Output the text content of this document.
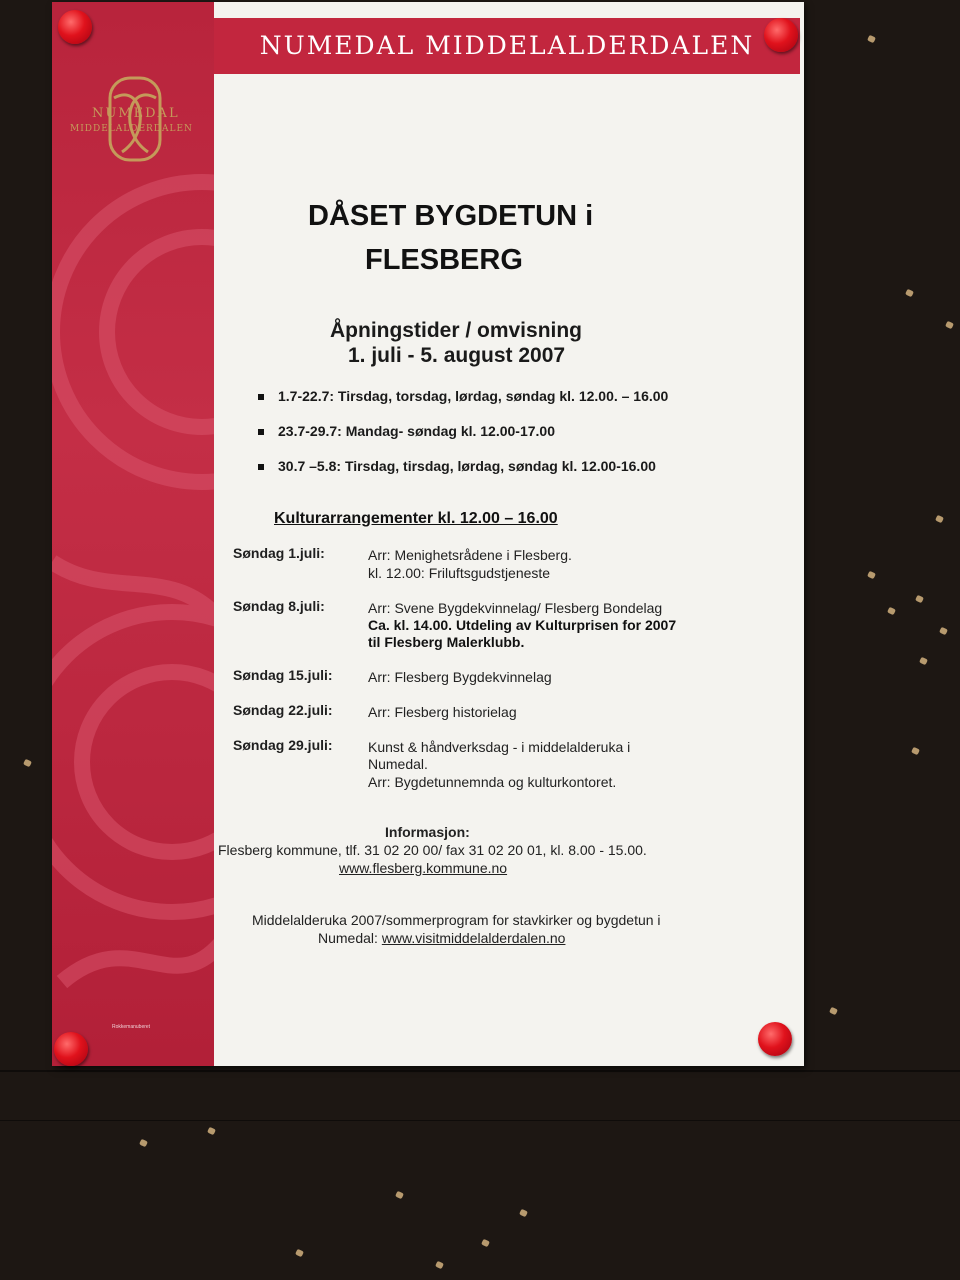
NUMEDAL
MIDDELALDERDALEN
Rokkemanuberet
NUMEDAL MIDDELALDERDALEN
DÅSET BYGDETUN i
FLESBERG
Åpningstider / omvisning
1. juli - 5. august 2007
1.7-22.7: Tirsdag, torsdag, lørdag, søndag kl. 12.00. – 16.00
23.7-29.7: Mandag- søndag kl. 12.00-17.00
30.7 –5.8: Tirsdag, tirsdag, lørdag, søndag kl. 12.00-16.00
Kulturarrangementer kl. 12.00 – 16.00
Søndag 1.juli:	Arr: Menighetsrådene i Flesberg.
kl. 12.00: Friluftsgudstjeneste
Søndag 8.juli:	Arr: Svene Bygdekvinnelag/ Flesberg Bondelag
Ca. kl. 14.00. Utdeling av Kulturprisen for 2007
til Flesberg Malerklubb.
Søndag 15.juli:	Arr: Flesberg Bygdekvinnelag
Søndag 22.juli:	Arr: Flesberg historielag
Søndag 29.juli:	Kunst & håndverksdag - i middelalderuka i
Numedal.
Arr: Bygdetunnemnda og kulturkontoret.
Informasjon:
Flesberg kommune, tlf. 31 02 20 00/ fax 31 02 20 01, kl. 8.00 - 15.00.
www.flesberg.kommune.no
Middelalderuka 2007/sommerprogram for stavkirker og bygdetun i
Numedal: www.visitmiddelalderdalen.no
